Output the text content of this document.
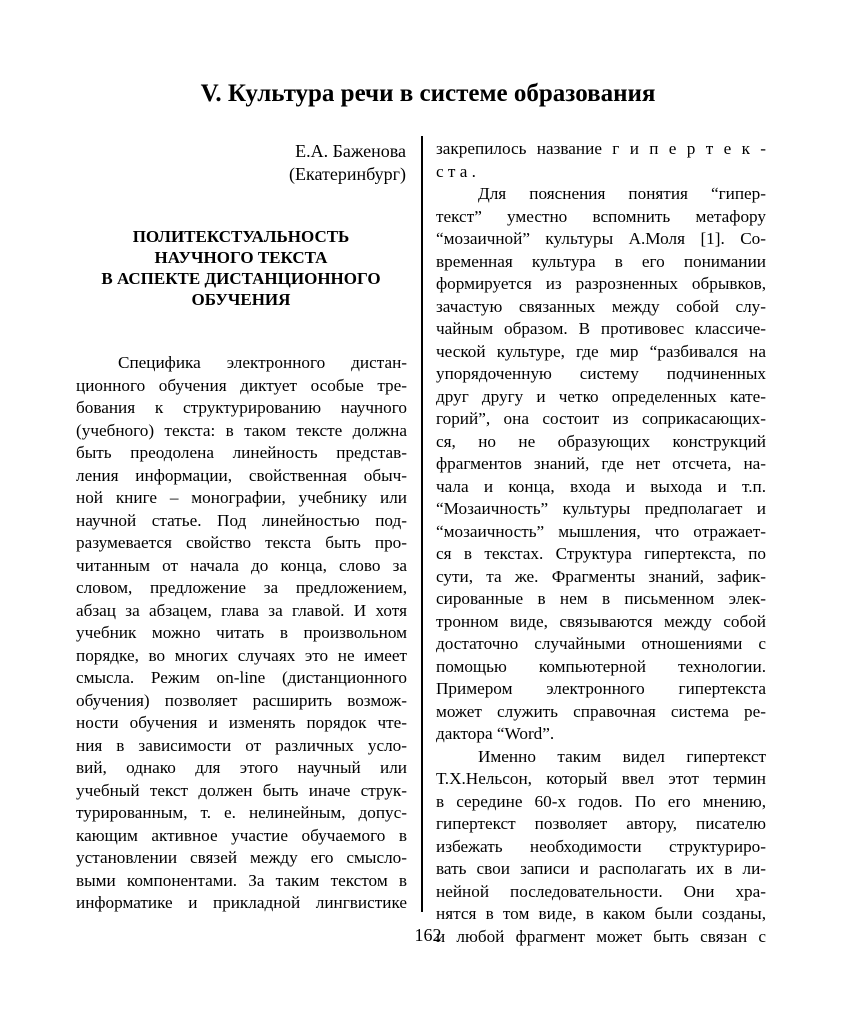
V. Культура речи в системе образования
Е.А. Баженова
(Екатеринбург)
ПОЛИТЕКСТУАЛЬНОСТЬ
НАУЧНОГО ТЕКСТА
В АСПЕКТЕ ДИСТАНЦИОННОГО
ОБУЧЕНИЯ
Специфика электронного дистан-
ционного обучения диктует особые тре-
бования к структурированию научного
(учебного) текста: в таком тексте должна
быть преодолена линейность представ-
ления информации, свойственная обыч-
ной книге – монографии, учебнику или
научной статье. Под линейностью под-
разумевается свойство текста быть про-
читанным от начала до конца, слово за
словом, предложение за предложением,
абзац за абзацем, глава за главой. И хотя
учебник можно читать в произвольном
порядке, во многих случаях это не имеет
смысла. Режим on-line (дистанционного
обучения) позволяет расширить возмож-
ности обучения и изменять порядок чте-
ния в зависимости от различных усло-
вий, однако для этого научный или
учебный текст должен быть иначе струк-
турированным, т. е. нелинейным, допус-
кающим активное участие обучаемого в
установлении связей между его смысло-
выми компонентами. За таким текстом в
информатике и прикладной лингвистике
закрепилось название г и п е р т е к -
с т а .
Для пояснения понятия “гипер-
текст” уместно вспомнить метафору
“мозаичной” культуры А.Моля [1]. Со-
временная культура в его понимании
формируется из разрозненных обрывков,
зачастую связанных между собой слу-
чайным образом. В противовес классиче-
ческой культуре, где мир “разбивался на
упорядоченную систему подчиненных
друг другу и четко определенных кате-
горий”, она состоит из соприкасающих-
ся, но не образующих конструкций
фрагментов знаний, где нет отсчета, на-
чала и конца, входа и выхода и т.п.
“Мозаичность” культуры предполагает и
“мозаичность” мышления, что отражает-
ся в текстах. Структура гипертекста, по
сути, та же. Фрагменты знаний, зафик-
сированные в нем в письменном элек-
тронном виде, связываются между собой
достаточно случайными отношениями с
помощью компьютерной технологии.
Примером электронного гипертекста
может служить справочная система ре-
дактора “Word”.
Именно таким видел гипертекст
Т.Х.Нельсон, который ввел этот термин
в середине 60-х годов. По его мнению,
гипертекст позволяет автору, писателю
избежать необходимости структуриро-
вать свои записи и располагать их в ли-
нейной последовательности. Они хра-
нятся в том виде, в каком были созданы,
и любой фрагмент может быть связан с
162
